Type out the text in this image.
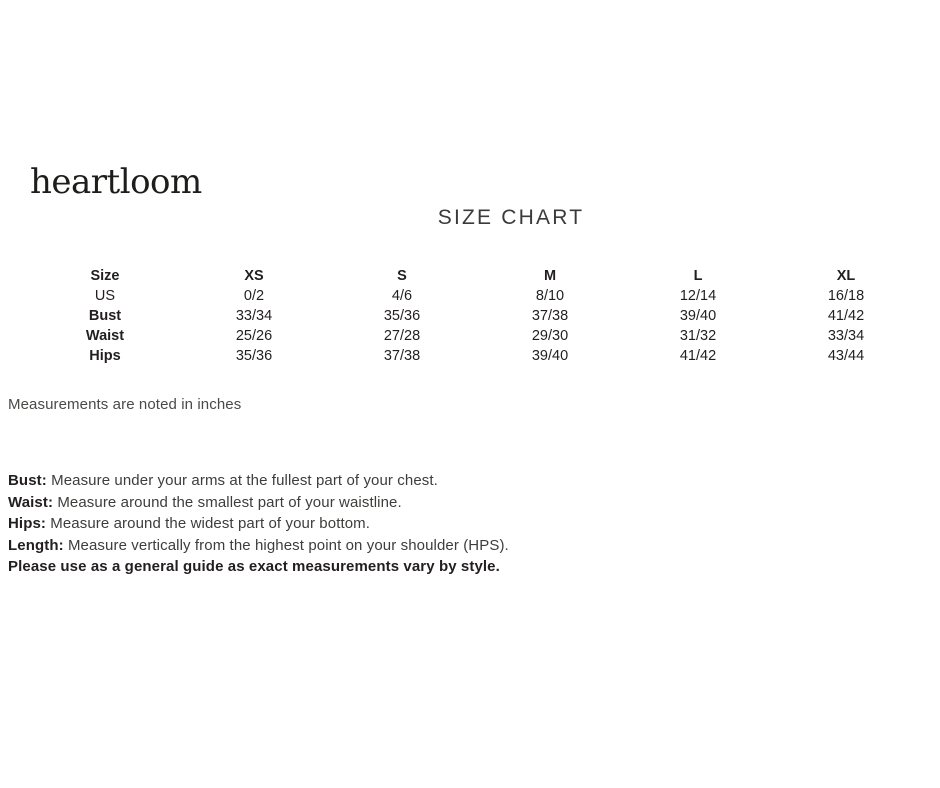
heartloom
SIZE CHART
Size	XS	S	M	L	XL
US	0/2	4/6	8/10	12/14	16/18
Bust	33/34	35/36	37/38	39/40	41/42
Waist	25/26	27/28	29/30	31/32	33/34
Hips	35/36	37/38	39/40	41/42	43/44
Measurements are noted in inches
Bust: Measure under your arms at the fullest part of your chest.
Waist: Measure around the smallest part of your waistline.
Hips: Measure around the widest part of your bottom.
Length: Measure vertically from the highest point on your shoulder (HPS).
Please use as a general guide as exact measurements vary by style.
